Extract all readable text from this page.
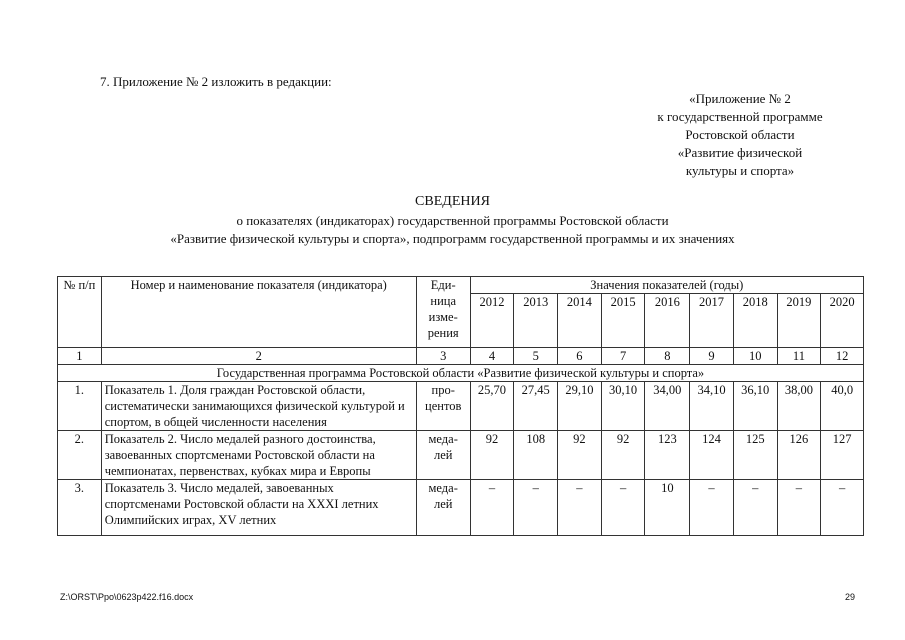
7. Приложение № 2 изложить в редакции:
«Приложение № 2
к государственной программе
Ростовской области
«Развитие физической
культуры и спорта»
СВЕДЕНИЯ
о показателях (индикаторах) государственной программы Ростовской области
«Развитие физической культуры и спорта», подпрограмм государственной программы и их значениях
№ п/п	Номер и наименование показателя (индикатора)	Еди- ница изме- рения	Значения показателей (годы)								
			2012	2013	2014	2015	2016	2017	2018	2019	2020
1	2	3	4	5	6	7	8	9	10	11	12
Государственная программа Ростовской области «Развитие физической культуры и спорта»											
1.	Показатель 1. Доля граждан Ростовской области, систематически занимающихся физической культурой и спортом, в общей численности населения	про- центов	25,70	27,45	29,10	30,10	34,00	34,10	36,10	38,00	40,0
2.	Показатель 2. Число медалей разного достоинства, завоеванных спортсменами Ростовской области на чемпионатах, первенствах, кубках мира и Европы	меда- лей	92	108	92	92	123	124	125	126	127

3.	Показатель 3. Число медалей, завоеванных спортсменами Ростовской области на XXXI летних Олимпийских играх, XV летних	меда- лей	–	–	–	–	10	–	–	–	–
Z:\ORST\Ppo\0623p422.f16.docx	29
